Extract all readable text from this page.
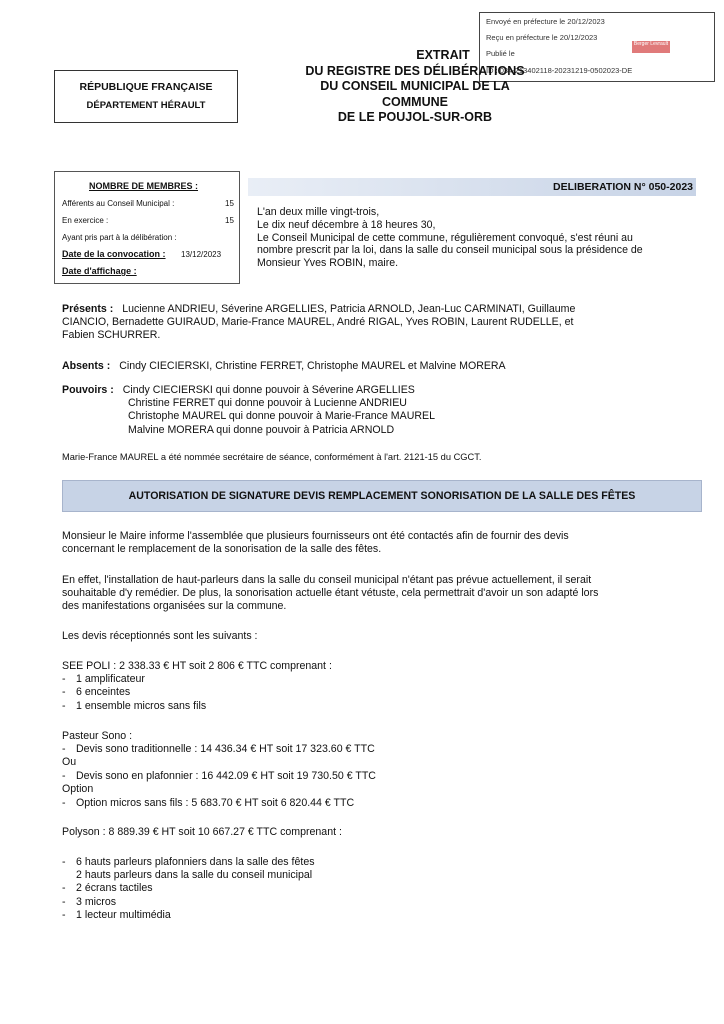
Envoyé en préfecture le 20/12/2023
Reçu en préfecture le 20/12/2023
Publié le
ID : 034-213402118-20231219-0502023-DE
Berger Levrault
EXTRAIT
DU REGISTRE DES DÉLIBÉRATIONS
DU CONSEIL MUNICIPAL DE LA
COMMUNE
DE LE POUJOL-SUR-ORB
RÉPUBLIQUE FRANÇAISE
DÉPARTEMENT HÉRAULT
NOMBRE DE MEMBRES :
Afférents au Conseil Municipal :	15
En exercice :	15
Ayant pris part à la délibération :
Date de la convocation : 13/12/2023
Date d'affichage :
DELIBERATION N° 050-2023
L'an deux mille vingt-trois,
Le dix neuf décembre à 18 heures 30,
Le Conseil Municipal de cette commune, régulièrement convoqué, s'est réuni au
nombre prescrit par la loi, dans la salle du conseil municipal sous la présidence de
Monsieur Yves ROBIN, maire.
Présents : Lucienne ANDRIEU, Séverine ARGELLIES, Patricia ARNOLD, Jean-Luc CARMINATI, Guillaume
CIANCIO, Bernadette GUIRAUD, Marie-France MAUREL, André RIGAL, Yves ROBIN, Laurent RUDELLE, et
Fabien SCHURRER.
Absents : Cindy CIECIERSKI, Christine FERRET, Christophe MAUREL et Malvine MORERA
Pouvoirs : Cindy CIECIERSKI qui donne pouvoir à Séverine ARGELLIES
Christine FERRET qui donne pouvoir à Lucienne ANDRIEU
Christophe MAUREL qui donne pouvoir à Marie-France MAUREL
Malvine MORERA qui donne pouvoir à Patricia ARNOLD
Marie-France MAUREL a été nommée secrétaire de séance, conformément à l'art. 2121-15 du CGCT.
AUTORISATION DE SIGNATURE DEVIS REMPLACEMENT SONORISATION DE LA SALLE DES FÊTES
Monsieur le Maire informe l'assemblée que plusieurs fournisseurs ont été contactés afin de fournir des devis
concernant le remplacement de la sonorisation de la salle des fêtes.
En effet, l'installation de haut-parleurs dans la salle du conseil municipal n'étant pas prévue actuellement, il serait
souhaitable d'y remédier. De plus, la sonorisation actuelle étant vétuste, cela permettrait d'avoir un son adapté lors
des manifestations organisées sur la commune.
Les devis réceptionnés sont les suivants :
SEE POLI : 2 338.33 € HT soit 2 806 € TTC comprenant :
- 1 amplificateur
- 6 enceintes
- 1 ensemble micros sans fils
Pasteur Sono :
- Devis sono traditionnelle : 14 436.34 € HT soit 17 323.60 € TTC
Ou
- Devis sono en plafonnier : 16 442.09 € HT soit 19 730.50 € TTC
Option
- Option micros sans fils : 5 683.70 € HT soit 6 820.44 € TTC
Polyson : 8 889.39 € HT soit 10 667.27 € TTC comprenant :
- 6 hauts parleurs plafonniers dans la salle des fêtes
2 hauts parleurs dans la salle du conseil municipal
- 2 écrans tactiles
- 3 micros
- 1 lecteur multimédia
